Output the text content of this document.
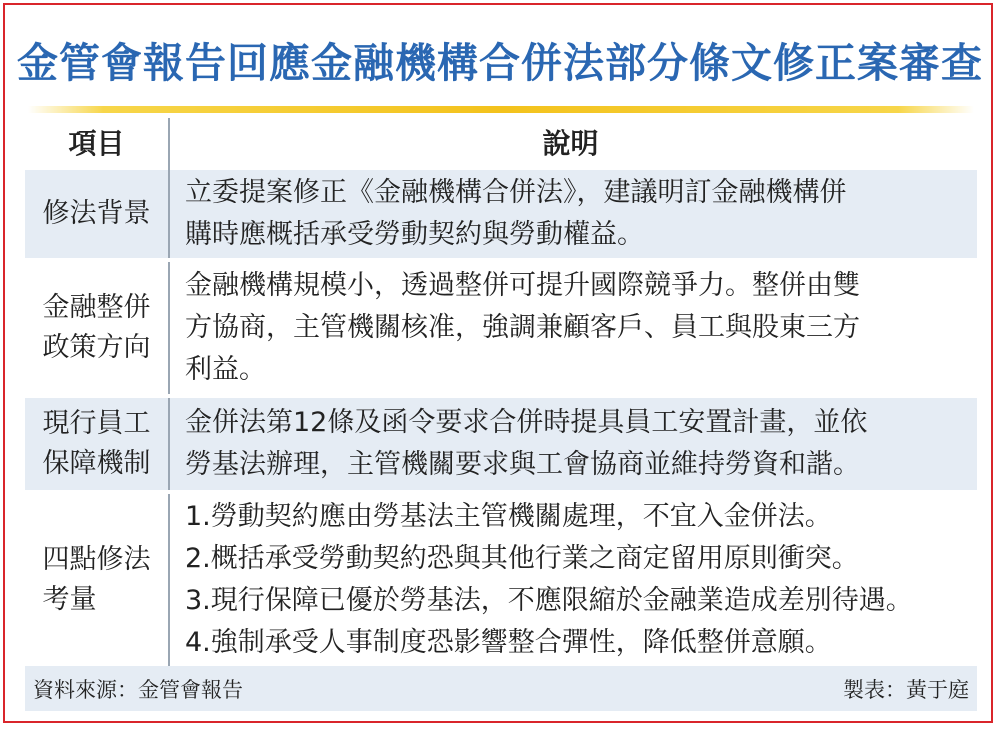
金管會報告回應金融機構合併法部分條文修正案審查
項目	說明
修法背景
立委提案修正《金融機構合併法》，建議明訂金融機構併
購時應概括承受勞動契約與勞動權益。
金融整併
政策方向
金融機構規模小，透過整併可提升國際競爭力。整併由雙
方協商，主管機關核准，強調兼顧客戶、員工與股東三方
利益。
現行員工
保障機制
金併法第12條及函令要求合併時提具員工安置計畫，並依
勞基法辦理，主管機關要求與工會協商並維持勞資和諧。
四點修法
考量
1.勞動契約應由勞基法主管機關處理，不宜入金併法。
2.概括承受勞動契約恐與其他行業之商定留用原則衝突。
3.現行保障已優於勞基法，不應限縮於金融業造成差別待遇。
4.強制承受人事制度恐影響整合彈性，降低整併意願。
資料來源：金管會報告	製表：黃于庭
